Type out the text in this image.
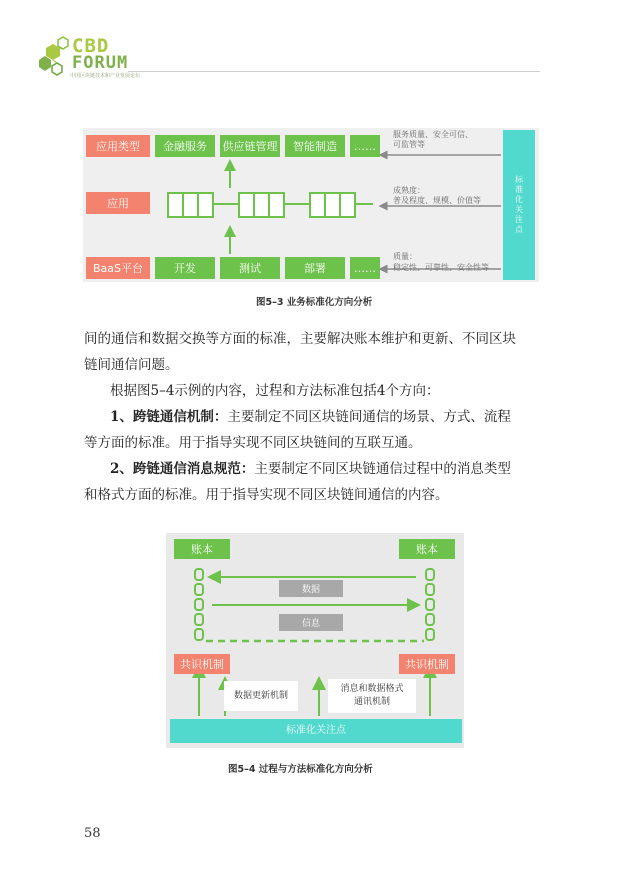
CBD
FORUM
中国区块链技术和产业发展论坛
应用类型
应用
BaaS平台
金融服务	供应链管理	智能制造	……
开发	测试	部署	……
服务质量、安全可信、
可监管等
成熟度：
普及程度、规模、价值等
质量：
稳定性、可靠性、安全性等
标
准
化
关
注
点
图5–3 业务标准化方向分析
间的通信和数据交换等方面的标准，主要解决账本维护和更新、不同区块
链间通信问题。
根据图5–4示例的内容，过程和方法标准包括4个方向：
1、跨链通信机制：主要制定不同区块链间通信的场景、方式、流程
等方面的标准。用于指导实现不同区块链间的互联互通。
2、跨链通信消息规范：主要制定不同区块链通信过程中的消息类型
和格式方面的标准。用于指导实现不同区块链间通信的内容。
账本	账本
数据
信息
共识机制	共识机制
数据更新机制
消息和数据格式
通讯机制
标准化关注点
图5–4 过程与方法标准化方向分析
58
